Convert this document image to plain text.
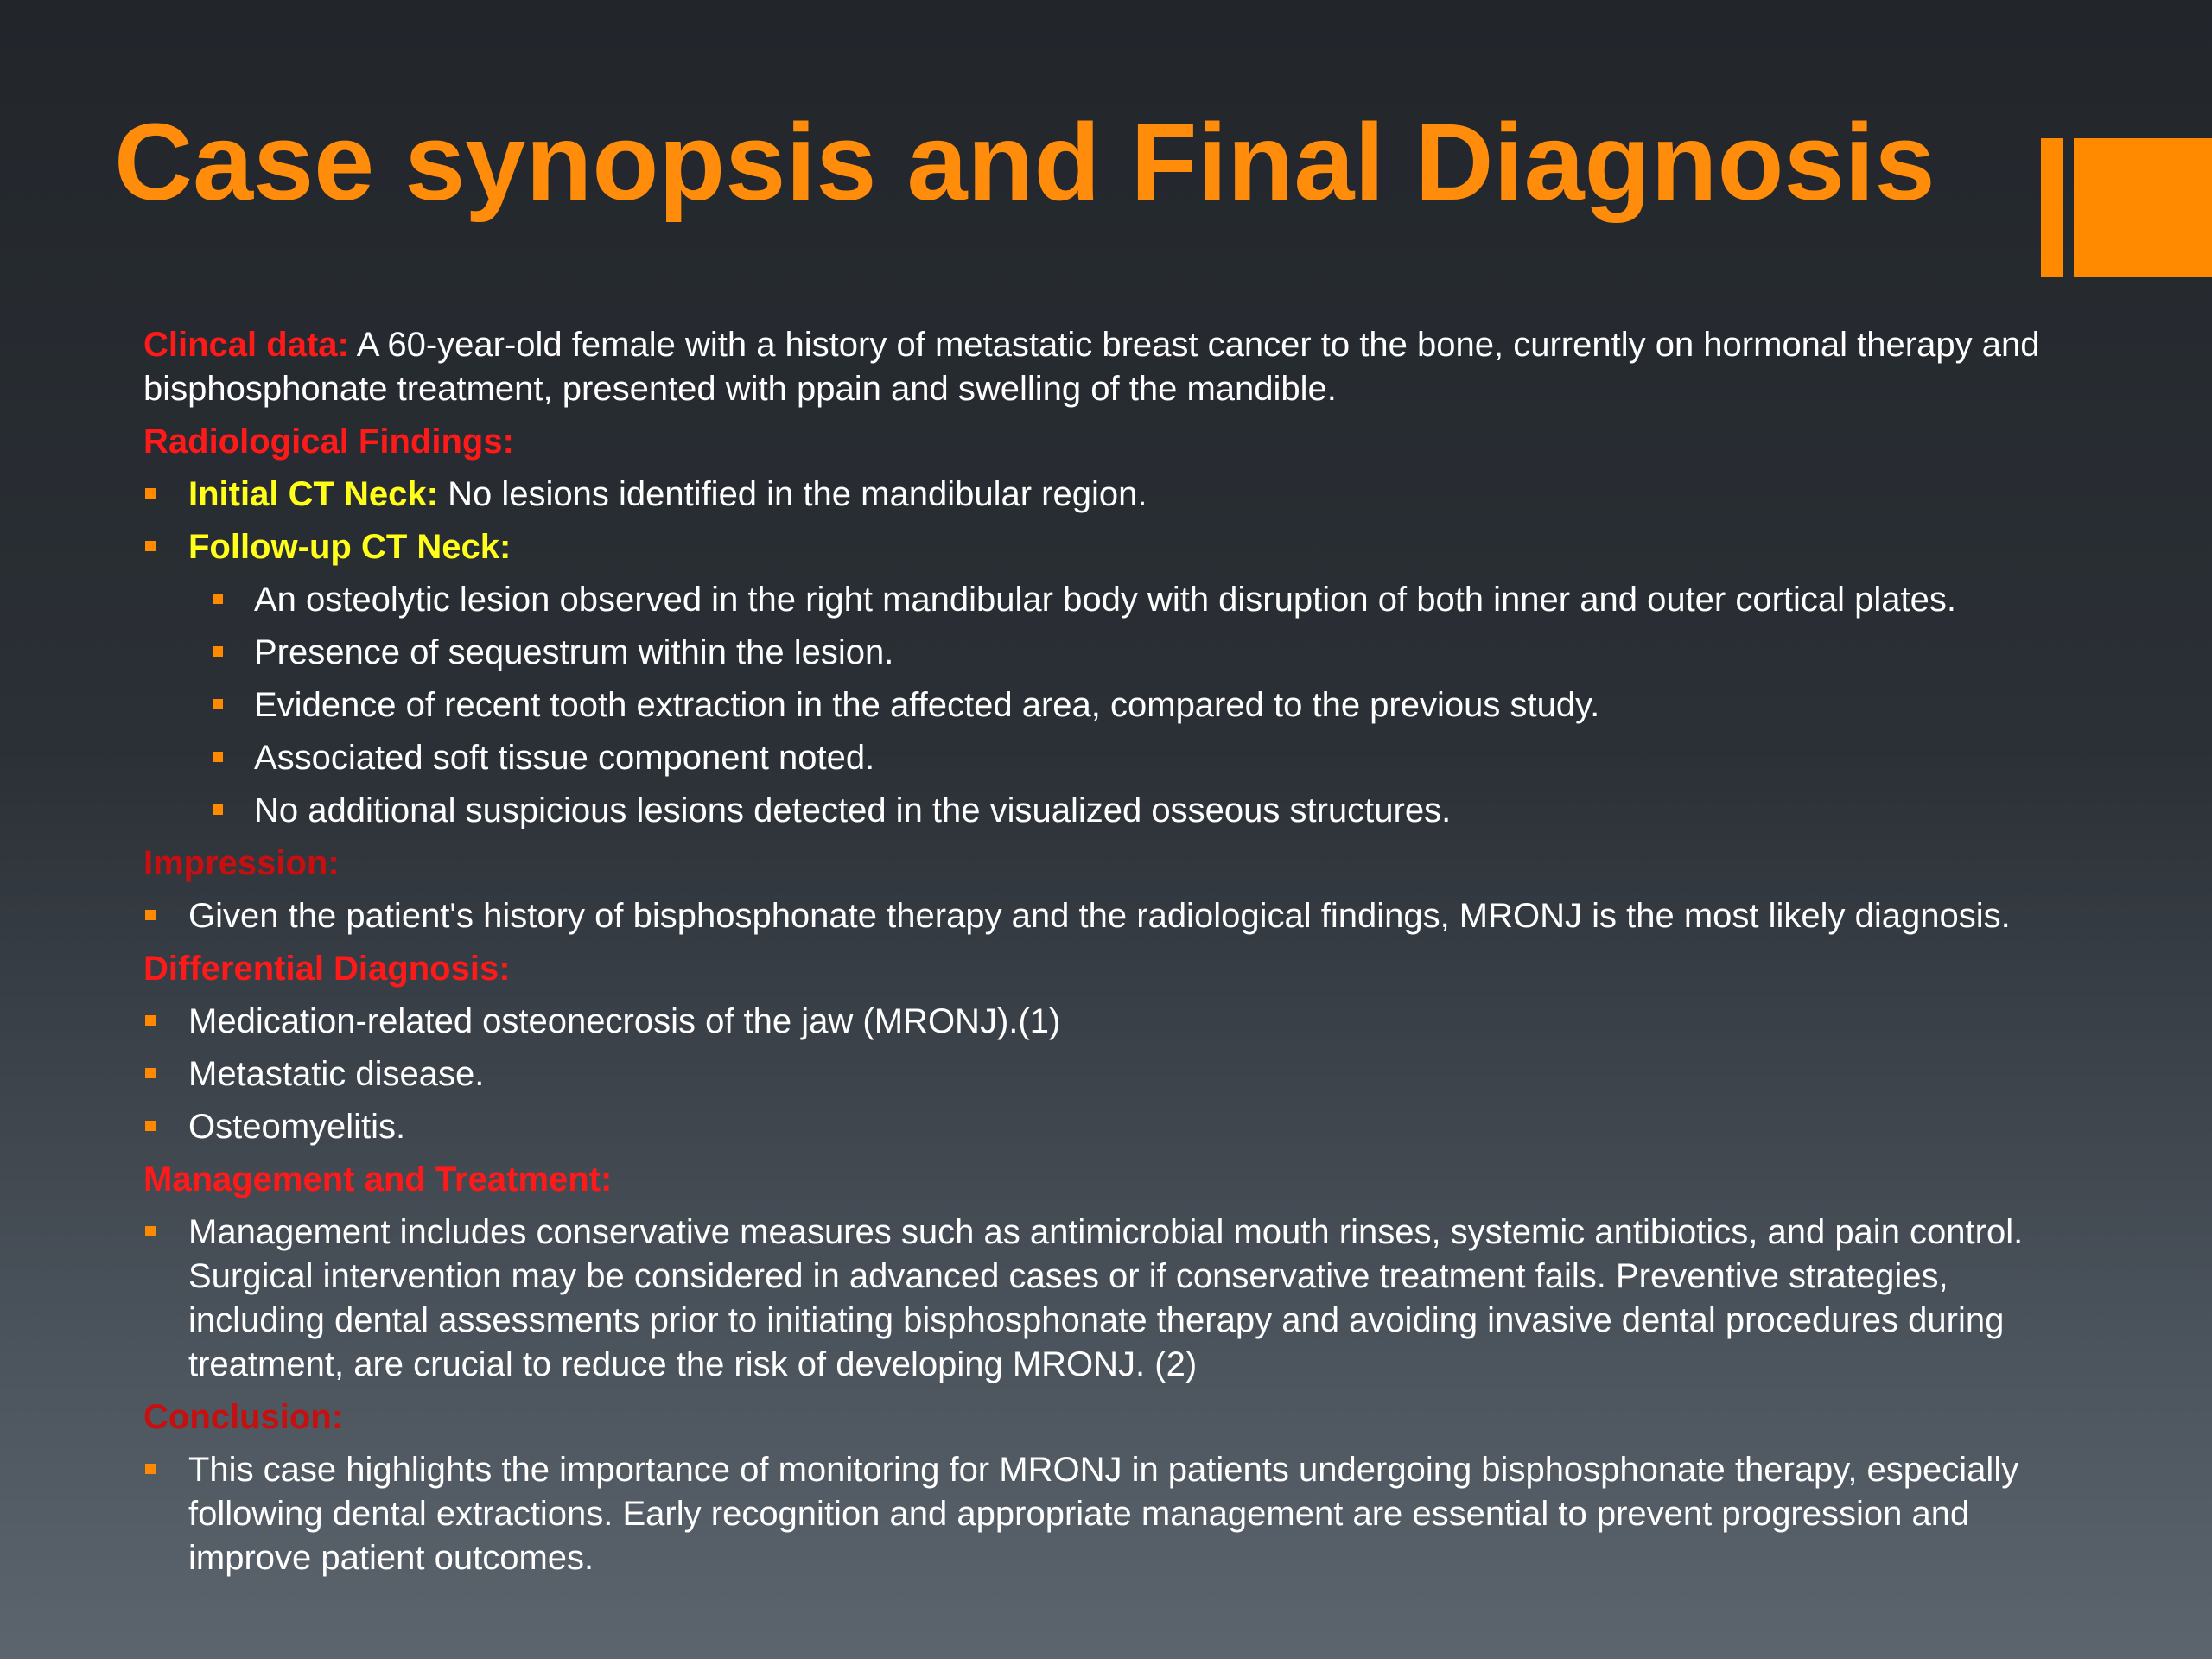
Case synopsis and Final Diagnosis

Clincal data: A 60-year-old female with a history of metastatic breast cancer to the bone, currently on hormonal therapy and bisphosphonate treatment, presented with ppain and swelling of the mandible.

Radiological Findings:
Initial CT Neck: No lesions identified in the mandibular region.
Follow-up CT Neck:
An osteolytic lesion observed in the right mandibular body with disruption of both inner and outer cortical plates.
Presence of sequestrum within the lesion.
Evidence of recent tooth extraction in the affected area, compared to the previous study.
Associated soft tissue component noted.
No additional suspicious lesions detected in the visualized osseous structures.
Impression:
Given the patient's history of bisphosphonate therapy and the radiological findings, MRONJ is the most likely diagnosis.
Differential Diagnosis:
Medication-related osteonecrosis of the jaw (MRONJ).(1)
Metastatic disease.
Osteomyelitis.
Management and Treatment:
Management includes conservative measures such as antimicrobial mouth rinses, systemic antibiotics, and pain control. Surgical intervention may be considered in advanced cases or if conservative treatment fails. Preventive strategies, including dental assessments prior to initiating bisphosphonate therapy and avoiding invasive dental procedures during treatment, are crucial to reduce the risk of developing MRONJ. (2)
Conclusion:
This case highlights the importance of monitoring for MRONJ in patients undergoing bisphosphonate therapy, especially following dental extractions. Early recognition and appropriate management are essential to prevent progression and improve patient outcomes.
